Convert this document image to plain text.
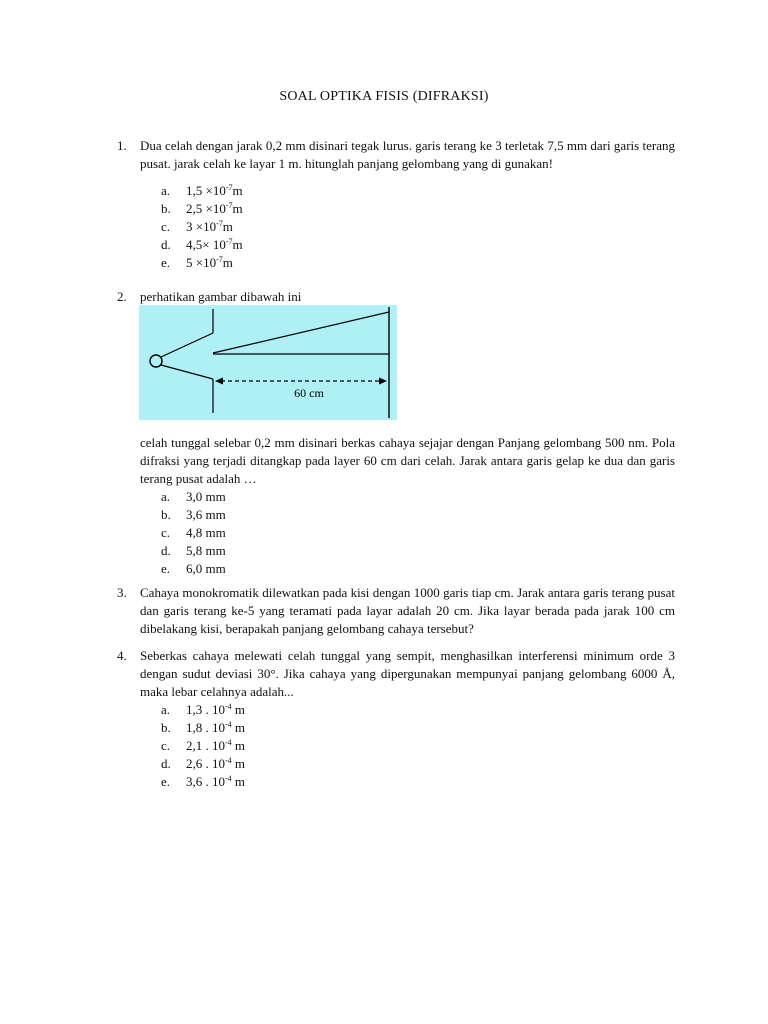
SOAL OPTIKA FISIS (DIFRAKSI)
1. Dua celah dengan jarak 0,2 mm disinari tegak lurus. garis terang ke 3 terletak 7,5 mm dari garis terang pusat. jarak celah ke layar 1 m. hitunglah panjang gelombang yang di gunakan!
a. $1,5 \times 10^{-7}m$
b. $2,5 \times 10^{-7}m$
c. $3 \times 10^{-7}m$
d. $4,5\times 10^{-7}m$
e. $5 \times 10^{-7}m$
2. perhatikan gambar dibawah ini
60 cm
celah tunggal selebar 0,2 mm disinari berkas cahaya sejajar dengan Panjang gelombang 500 nm. Pola difraksi yang terjadi ditangkap pada layer 60 cm dari celah. Jarak antara garis gelap ke dua dan garis terang pusat adalah …
a. 3,0 mm
b. 3,6 mm
c. 4,8 mm
d. 5,8 mm
e. 6,0 mm
3. Cahaya monokromatik dilewatkan pada kisi dengan 1000 garis tiap cm. Jarak antara garis terang pusat dan garis terang ke-5 yang teramati pada layar adalah 20 cm. Jika layar berada pada jarak 100 cm dibelakang kisi, berapakah panjang gelombang cahaya tersebut?
4. Seberkas cahaya melewati celah tunggal yang sempit, menghasilkan interferensi minimum orde 3 dengan sudut deviasi 30°. Jika cahaya yang dipergunakan mempunyai panjang gelombang 6000 Å, maka lebar celahnya adalah...
a. 1,3 . $10^{-4}$ m
b. 1,8 . $10^{-4}$ m
c. 2,1 . $10^{-4}$ m
d. 2,6 . $10^{-4}$ m
e. 3,6 . $10^{-4}$ m
